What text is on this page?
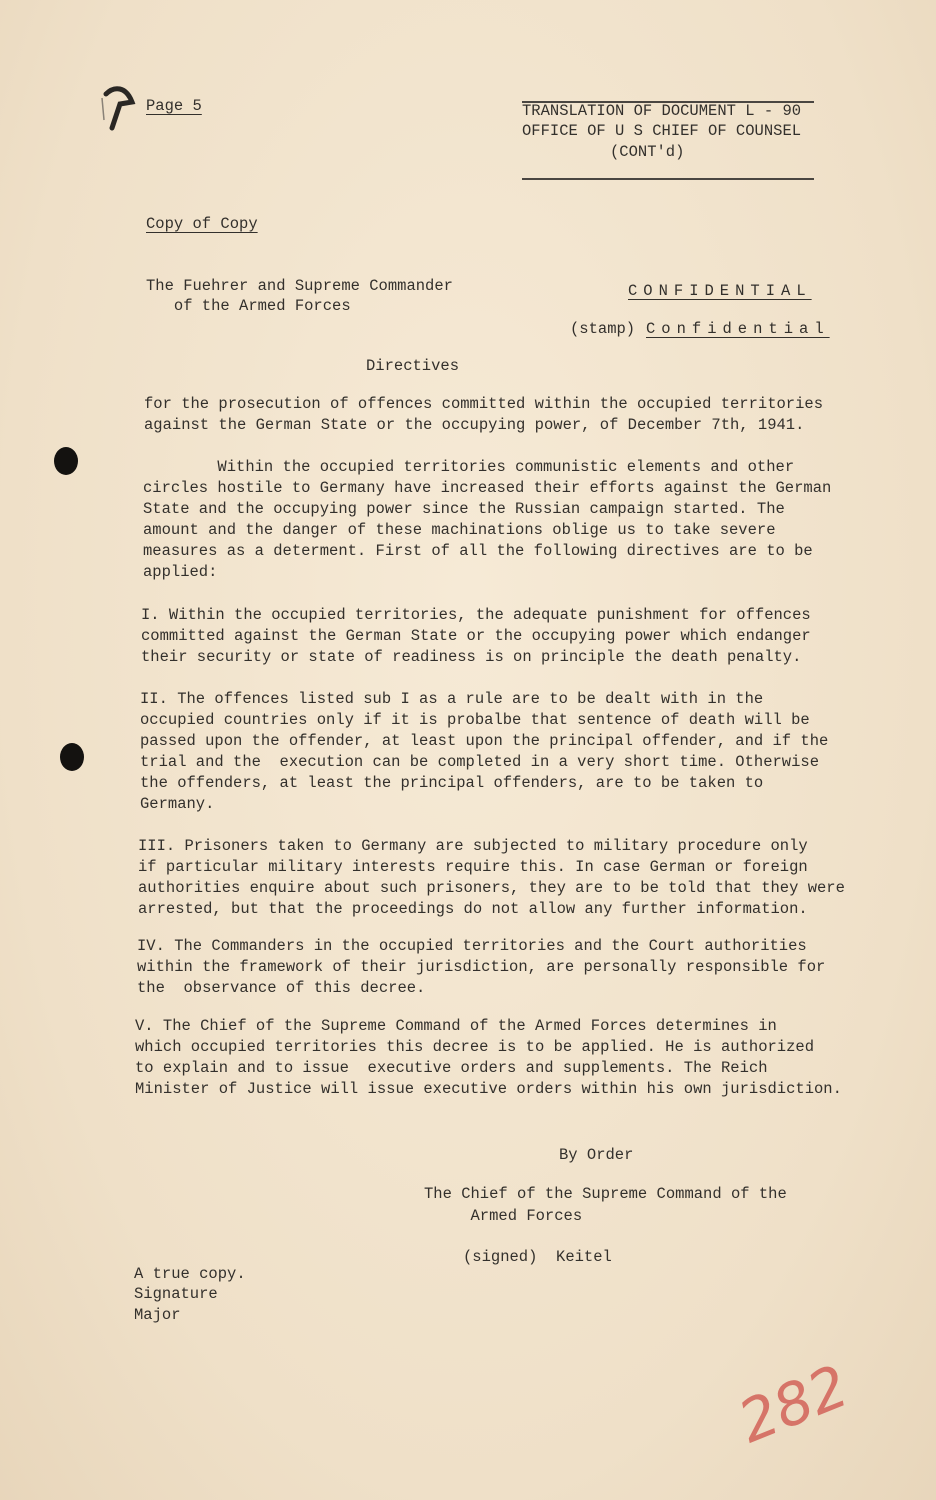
Page 5	TRANSLATION OF DOCUMENT L - 90
OFFICE OF U S CHIEF OF COUNSEL
(CONT'd)
Copy of Copy
The Fuehrer and Supreme Commander
of the Armed Forces
CONFIDENTIAL
(stamp) Confidential
Directives

for the prosecution of offences committed within the occupied territories

against the German State or the occupying power, of December 7th, 1941.

Within the occupied territories communistic elements and other

circles hostile to Germany have increased their efforts against the German

State and the occupying power since the Russian campaign started. The

amount and the danger of these machinations oblige us to take severe

measures as a determent. First of all the following directives are to be

applied:

I. Within the occupied territories, the adequate punishment for offences

committed against the German State or the occupying power which endanger

their security or state of readiness is on principle the death penalty.

II. The offences listed sub I as a rule are to be dealt with in the

occupied countries only if it is probalbe that sentence of death will be

passed upon the offender, at least upon the principal offender, and if the

trial and the  execution can be completed in a very short time. Otherwise

the offenders, at least the principal offenders, are to be taken to

Germany.

III. Prisoners taken to Germany are subjected to military procedure only

if particular military interests require this. In case German or foreign

authorities enquire about such prisoners, they are to be told that they were

arrested, but that the proceedings do not allow any further information.

IV. The Commanders in the occupied territories and the Court authorities

within the framework of their jurisdiction, are personally responsible for

the  observance of this decree.

V. The Chief of the Supreme Command of the Armed Forces determines in

which occupied territories this decree is to be applied. He is authorized

to explain and to issue  executive orders and supplements. The Reich

Minister of Justice will issue executive orders within his own jurisdiction.

By Order
The Chief of the Supreme Command of the
Armed Forces
(signed)  Keitel
A true copy.
Signature
Major
282
